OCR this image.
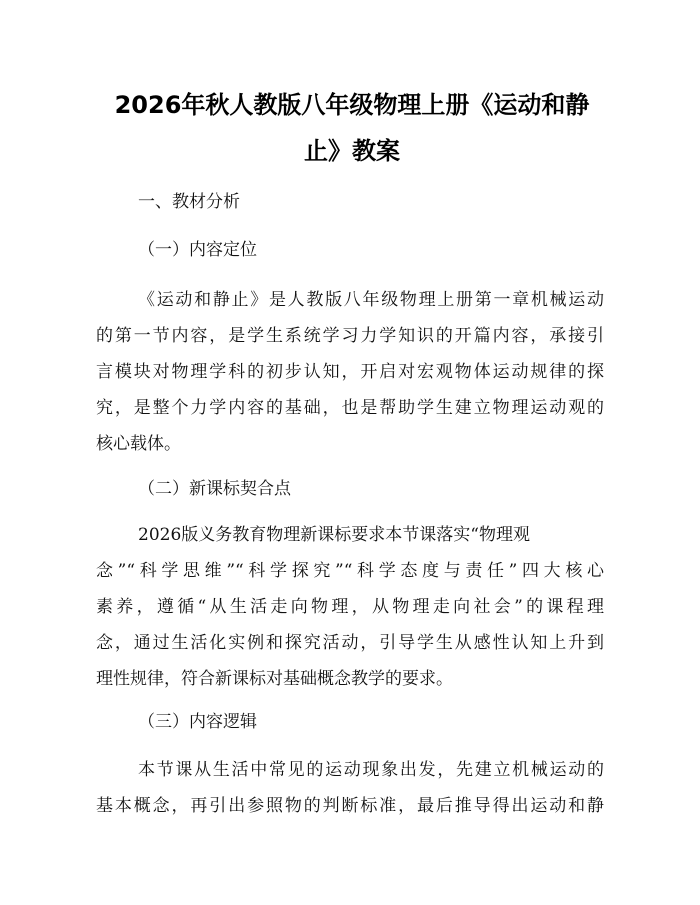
2026年秋人教版八年级物理上册《运动和静
止》教案

一、教材分析

（一）内容定位

《运动和静止》是人教版八年级物理上册第一章机械运动
的第一节内容，是学生系统学习力学知识的开篇内容，承接引
言模块对物理学科的初步认知，开启对宏观物体运动规律的探
究，是整个力学内容的基础，也是帮助学生建立物理运动观的
核心载体。

（二）新课标契合点

2026版义务教育物理新课标要求本节课落实“物理观
念”“科学思维”“科学探究”“科学态度与责任”四大核心
素养，遵循“从生活走向物理，从物理走向社会”的课程理
念，通过生活化实例和探究活动，引导学生从感性认知上升到
理性规律，符合新课标对基础概念教学的要求。

（三）内容逻辑

本节课从生活中常见的运动现象出发，先建立机械运动的
基本概念，再引出参照物的判断标准，最后推导得出运动和静
